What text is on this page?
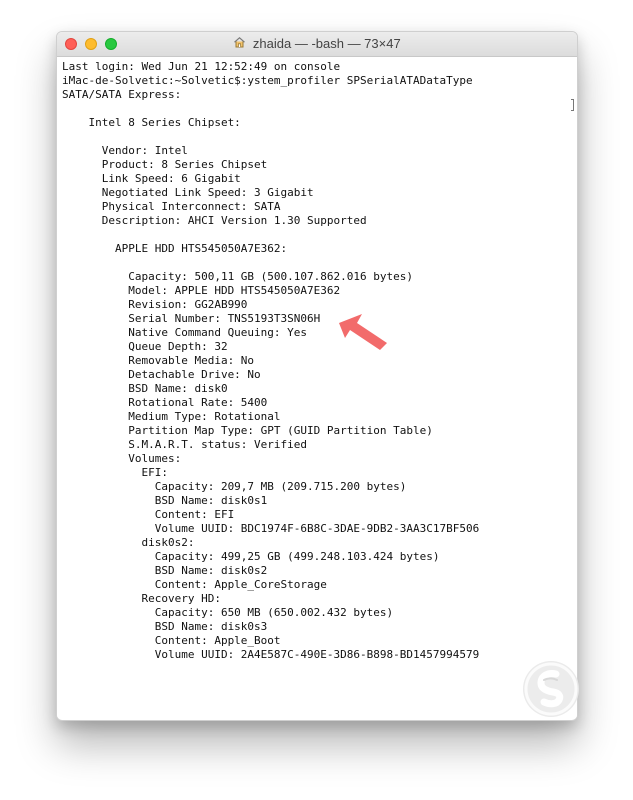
zhaida — -bash — 73×47
Last login: Wed Jun 21 12:52:49 on console
iMac-de-Solvetic:~Solvetic$:ystem_profiler SPSerialATADataType
SATA/SATA Express:
Intel 8 Series Chipset:
Vendor: Intel
Product: 8 Series Chipset
Link Speed: 6 Gigabit
Negotiated Link Speed: 3 Gigabit
Physical Interconnect: SATA
Description: AHCI Version 1.30 Supported
APPLE HDD HTS545050A7E362:
Capacity: 500,11 GB (500.107.862.016 bytes)
Model: APPLE HDD HTS545050A7E362
Revision: GG2AB990
Serial Number: TNS5193T3SN06H
Native Command Queuing: Yes
Queue Depth: 32
Removable Media: No
Detachable Drive: No
BSD Name: disk0
Rotational Rate: 5400
Medium Type: Rotational
Partition Map Type: GPT (GUID Partition Table)
S.M.A.R.T. status: Verified
Volumes:
EFI:
Capacity: 209,7 MB (209.715.200 bytes)
BSD Name: disk0s1
Content: EFI
Volume UUID: BDC1974F-6B8C-3DAE-9DB2-3AA3C17BF506
disk0s2:
Capacity: 499,25 GB (499.248.103.424 bytes)
BSD Name: disk0s2
Content: Apple_CoreStorage
Recovery HD:
Capacity: 650 MB (650.002.432 bytes)
BSD Name: disk0s3
Content: Apple_Boot
Volume UUID: 2A4E587C-490E-3D86-B898-BD1457994579
